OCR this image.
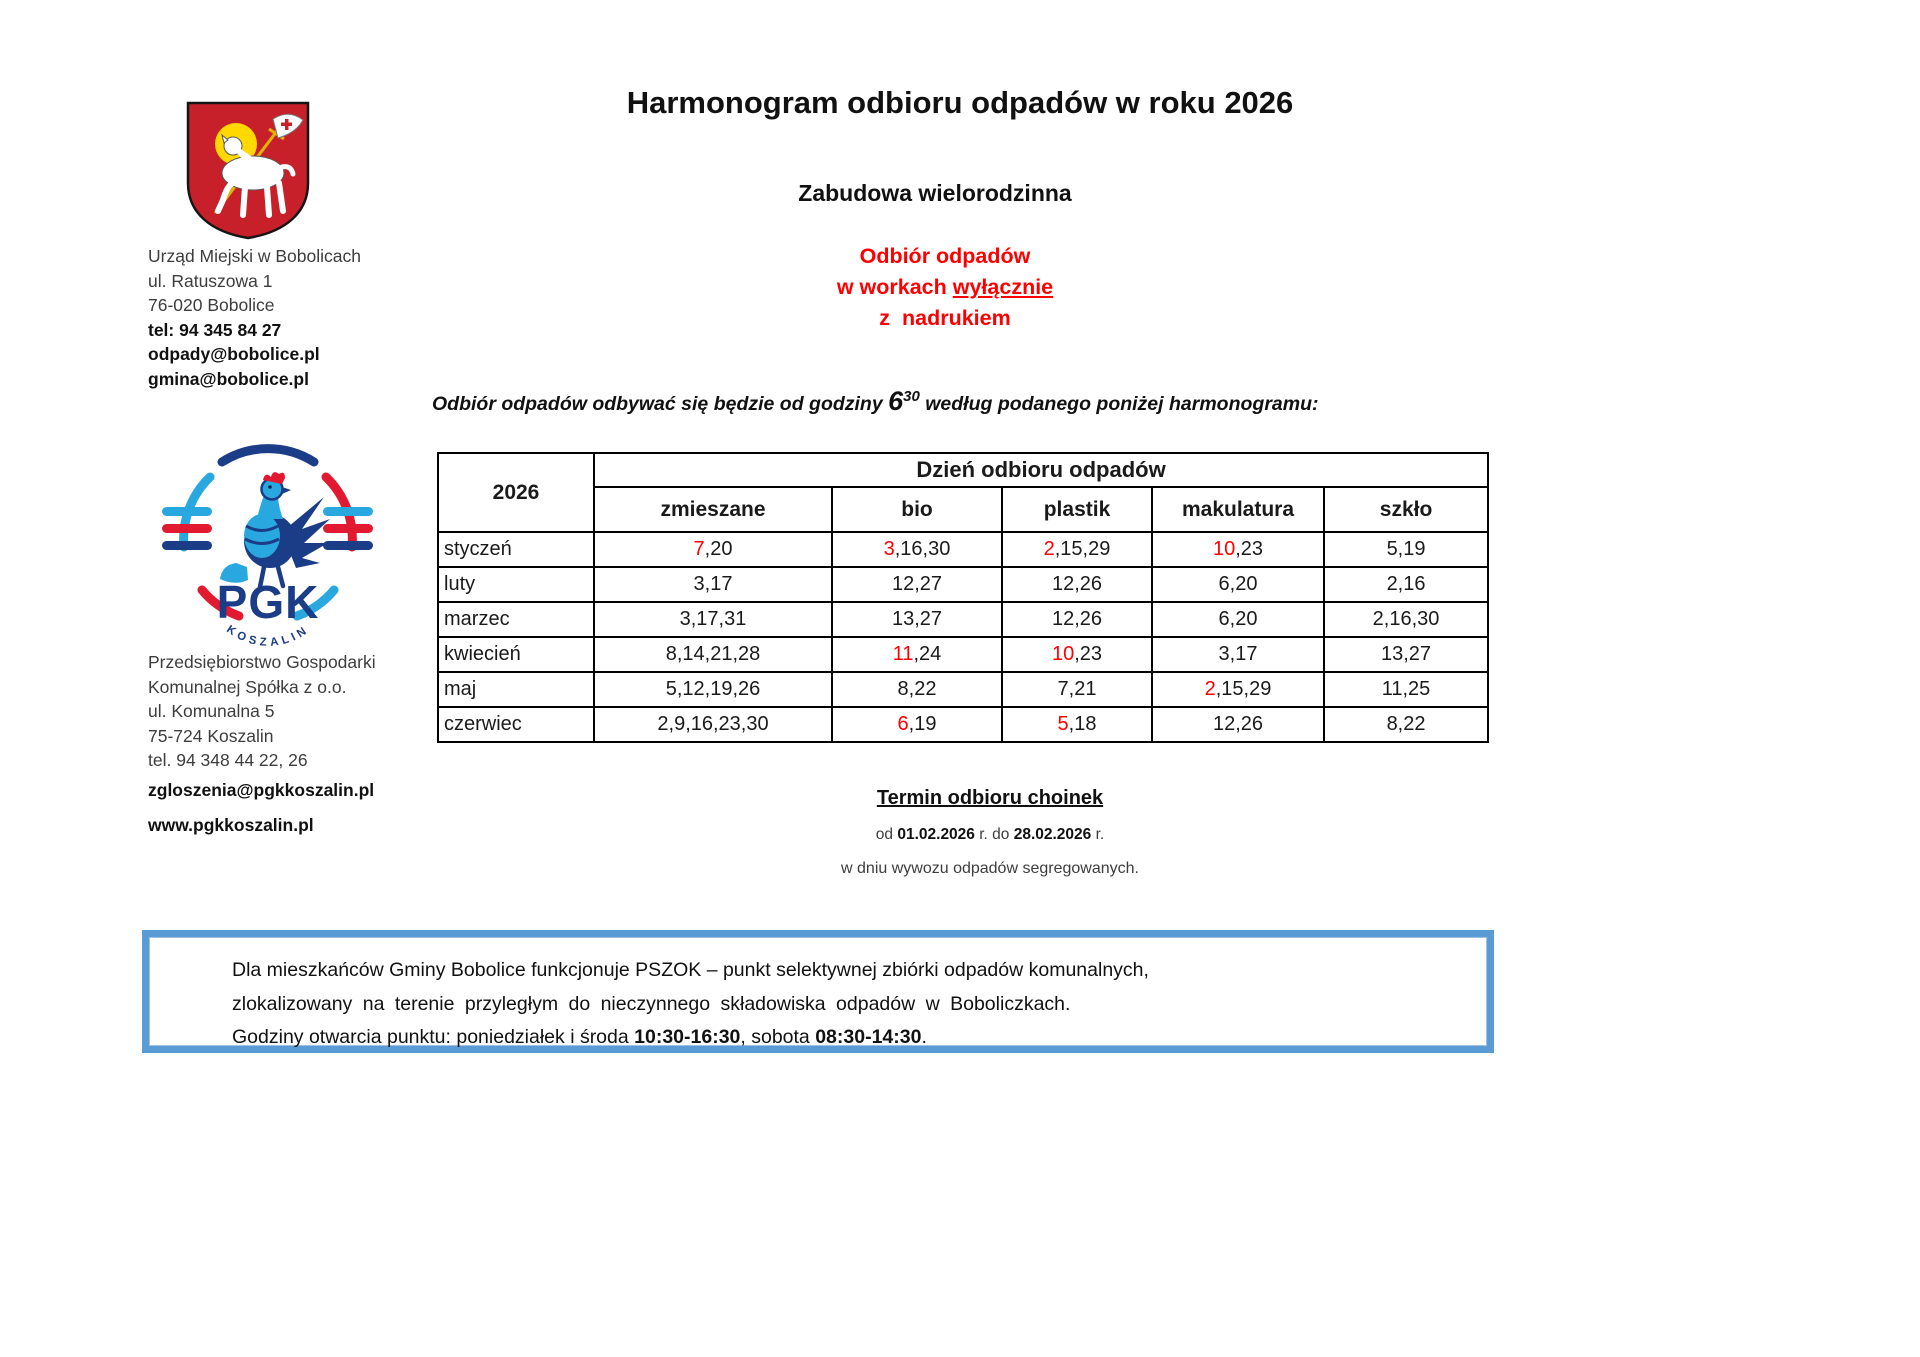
Urząd Miejski w Bobolicach
ul. Ratuszowa 1
76-020 Bobolice
tel: 94 345 84 27
odpady@bobolice.pl
gmina@bobolice.pl
Harmonogram odbioru odpadów w roku 2026
Zabudowa wielorodzinna
Odbiór odpadów
w workach wyłącznie
z  nadrukiem
Odbiór odpadów odbywać się będzie od godziny $6^{30}$ według podanego poniżej harmonogramu:
2026	Dzień odbioru odpadów				
	zmieszane	bio	plastik	makulatura	szkło
styczeń	7,20	3,16,30	2,15,29	10,23	5,19
luty	3,17	12,27	12,26	6,20	2,16
marzec	3,17,31	13,27	12,26	6,20	2,16,30
kwiecień	8,14,21,28	11,24	10,23	3,17	13,27
maj	5,12,19,26	8,22	7,21	2,15,29	11,25
czerwiec	2,9,16,23,30	6,19	5,18	12,26	8,22
PGK
KOSZALIN
Przedsiębiorstwo Gospodarki
Komunalnej Spółka z o.o.
ul. Komunalna 5
75-724 Koszalin
tel. 94 348 44 22, 26
zgloszenia@pgkkoszalin.pl
www.pgkkoszalin.pl
Termin odbioru choinek
od 01.02.2026 r. do 28.02.2026 r.
w dniu wywozu odpadów segregowanych.
Dla mieszkańców Gminy Bobolice funkcjonuje PSZOK – punkt selektywnej zbiórki odpadów komunalnych,
zlokalizowany na terenie przyległym do nieczynnego składowiska odpadów w Boboliczkach.
Godziny otwarcia punktu: poniedziałek i środa 10:30-16:30, sobota 08:30-14:30.
